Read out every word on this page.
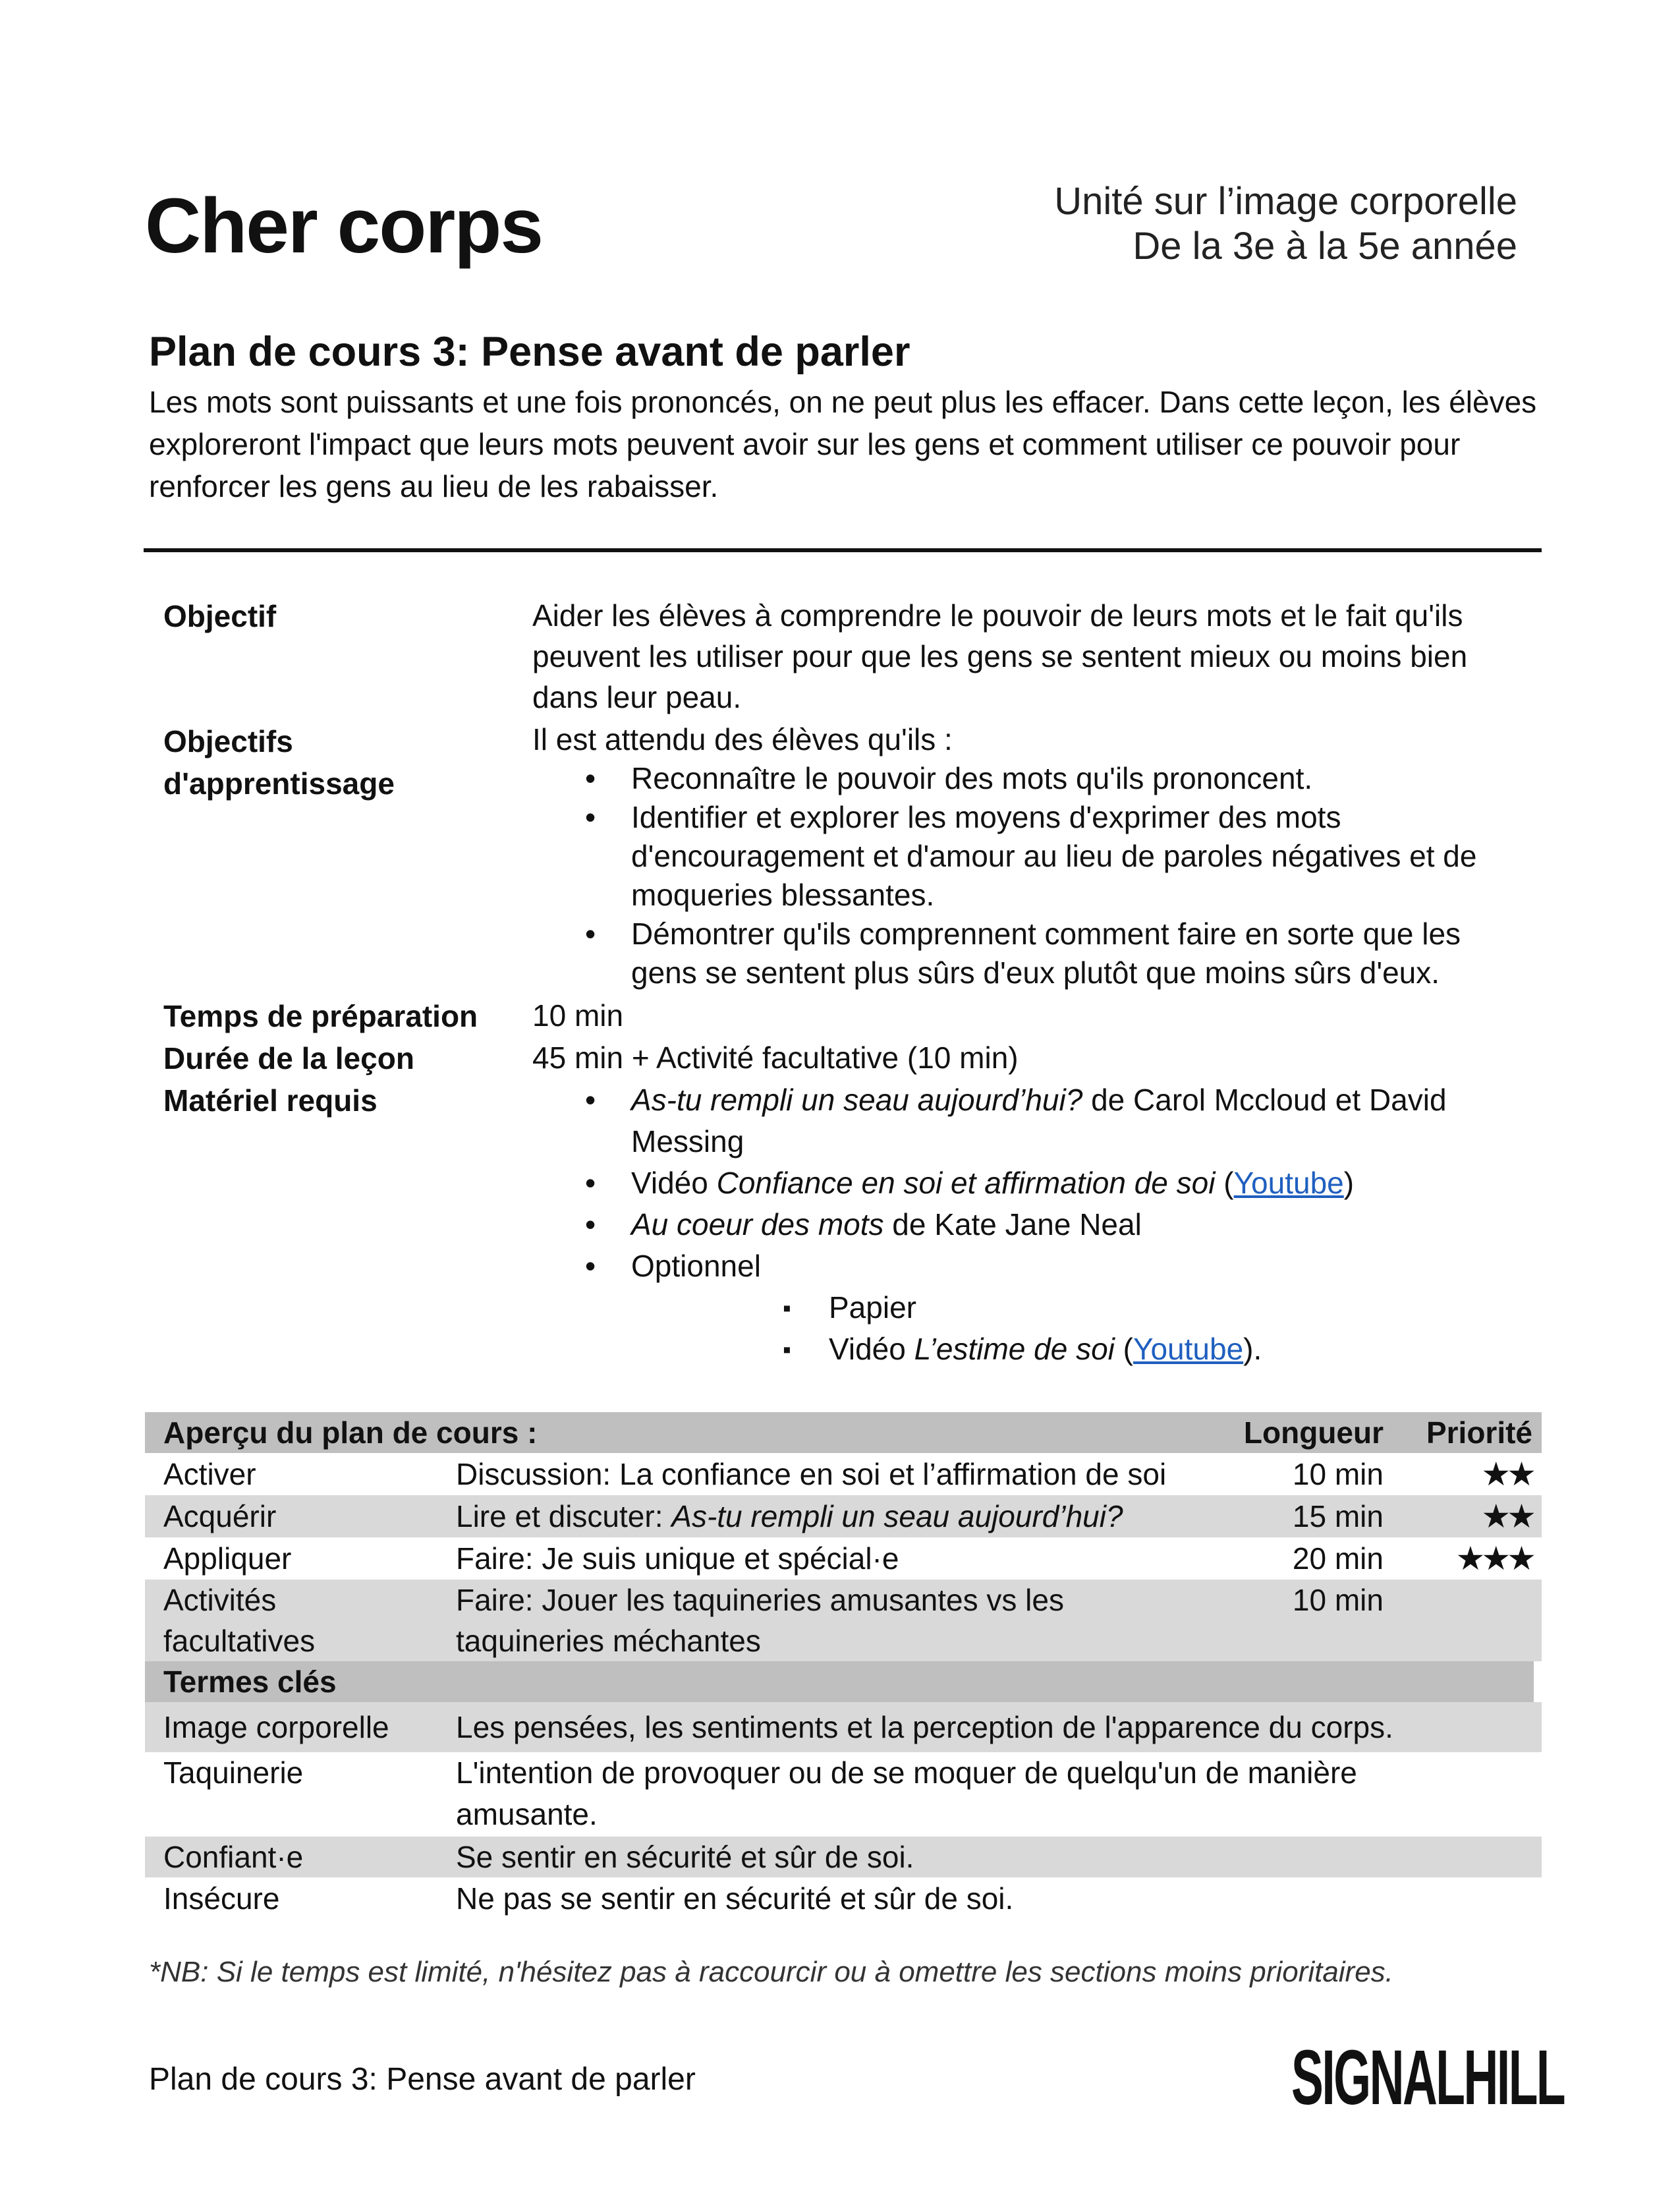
Cher corps	Unité sur l’image corporelle
De la 3e à la 5e année
Plan de cours 3: Pense avant de parler
Les mots sont puissants et une fois prononcés, on ne peut plus les effacer. Dans cette leçon, les élèves exploreront l'impact que leurs mots peuvent avoir sur les gens et comment utiliser ce pouvoir pour renforcer les gens au lieu de les rabaisser.
Objectif	Aider les élèves à comprendre le pouvoir de leurs mots et le fait qu'ils peuvent les utiliser pour que les gens se sentent mieux ou moins bien dans leur peau.
Objectifs
d'apprentissage
Il est attendu des élèves qu'ils :
• Reconnaître le pouvoir des mots qu'ils prononcent.
• Identifier et explorer les moyens d'exprimer des mots d'encouragement et d'amour au lieu de paroles négatives et de moqueries blessantes.
• Démontrer qu'ils comprennent comment faire en sorte que les gens se sentent plus sûrs d'eux plutôt que moins sûrs d'eux.
Temps de préparation 10 min
Durée de la leçon	45 min + Activité facultative (10 min)
Matériel requis
•	As-tu rempli un seau aujourd’hui? de Carol Mccloud et David Messing
• Vidéo Confiance en soi et affirmation de soi (Youtube)
• Au coeur des mots de Kate Jane Neal
• Optionnel
▪ Papier
▪ Vidéo L’estime de soi (Youtube).
Aperçu du plan de cours :	Longueur Priorité
Activer	Discussion: La confiance en soi et l’affirmation de soi	10 min	★★
Acquérir	Lire et discuter: As-tu rempli un seau aujourd’hui?	15 min	★★
Appliquer	Faire: Je suis unique et spécial·e	20 min ★★★
Activités
facultatives
Faire: Jouer les taquineries amusantes vs les
taquineries méchantes
10 min
Termes clés
Image corporelle Les pensées, les sentiments et la perception de l'apparence du corps.
Taquinerie	L'intention de provoquer ou de se moquer de quelqu'un de manière
amusante.
Confiant·e	Se sentir en sécurité et sûr de soi.
Insécure	Ne pas se sentir en sécurité et sûr de soi.
*NB: Si le temps est limité, n'hésitez pas à raccourcir ou à omettre les sections moins prioritaires.
Plan de cours 3: Pense avant de parler	SIGNALHILL
